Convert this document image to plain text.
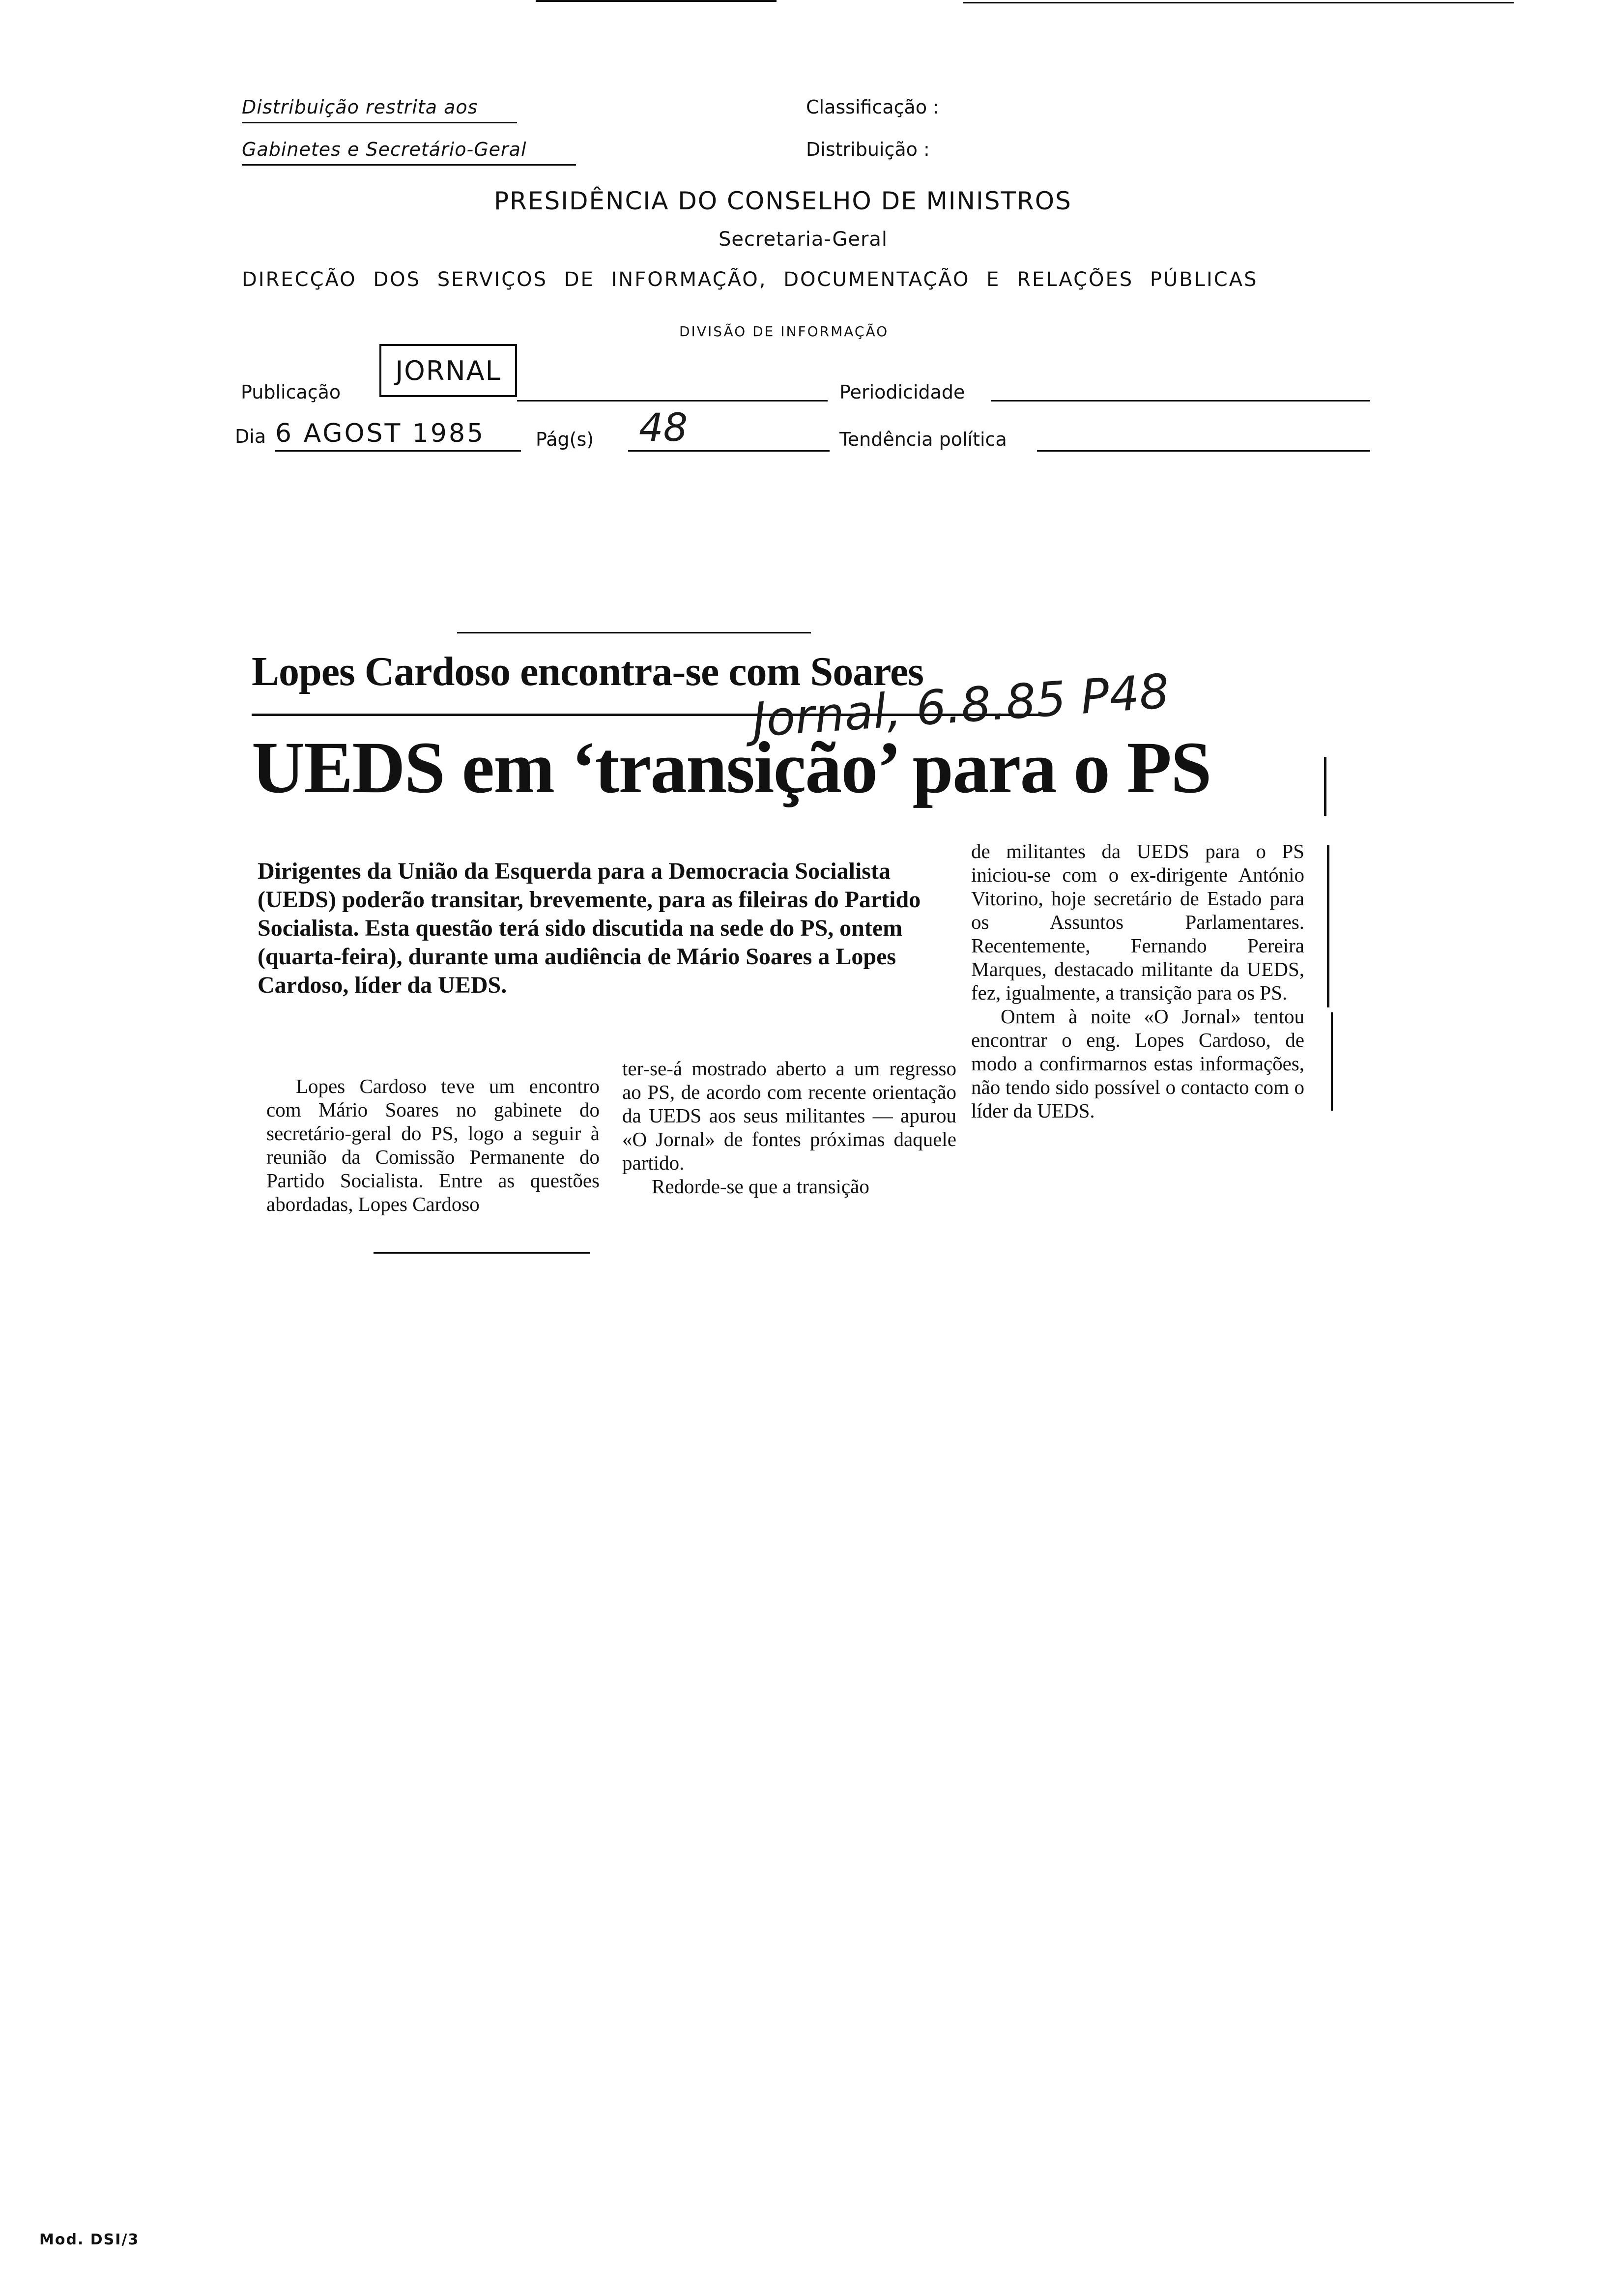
Distribuição restrita aos
Gabinetes e Secretário-Geral
Classificação :
Distribuição :
PRESIDÊNCIA DO CONSELHO DE MINISTROS
Secretaria-Geral
DIRECÇÃO DOS SERVIÇOS DE INFORMAÇÃO, DOCUMENTAÇÃO E RELAÇÕES PÚBLICAS
DIVISÃO DE INFORMAÇÃO
Publicação
JORNAL
Periodicidade
Dia 6 AGOST 1985	Pág(s) 48	Tendência política
Lopes Cardoso encontra-se com Soares
Jornal, 6.8.85 P48
UEDS em ‘transição’ para o PS
Dirigentes da União da Esquerda para a Democracia Socialista (UEDS) poderão transitar, brevemente, para as fileiras do Partido Socialista. Esta questão terá sido discutida na sede do PS, ontem (quarta-feira), durante uma audiência de Mário Soares a Lopes Cardoso, líder da UEDS.

Lopes Cardoso teve um encontro com Mário Soares no gabinete do secretário-geral do PS, logo a seguir à reunião da Comissão Permanente do Partido Socialista. Entre as questões abordadas, Lopes Cardoso

ter-se-á mostrado aberto a um regresso ao PS, de acordo com recente orientação da UEDS aos seus militantes — apurou «O Jornal» de fontes próximas daquele partido.

Redorde-se que a transição

de militantes da UEDS para o PS iniciou-se com o ex-dirigente António Vitorino, hoje secretário de Estado para os Assuntos Parlamentares. Recentemente, Fernando Pereira Marques, destacado militante da UEDS, fez, igualmente, a transição para os PS.

Ontem à noite «O Jornal» tentou encontrar o eng. Lopes Cardoso, de modo a confirmarnos estas informações, não tendo sido possível o contacto com o líder da UEDS.

Mod. DSI/3
